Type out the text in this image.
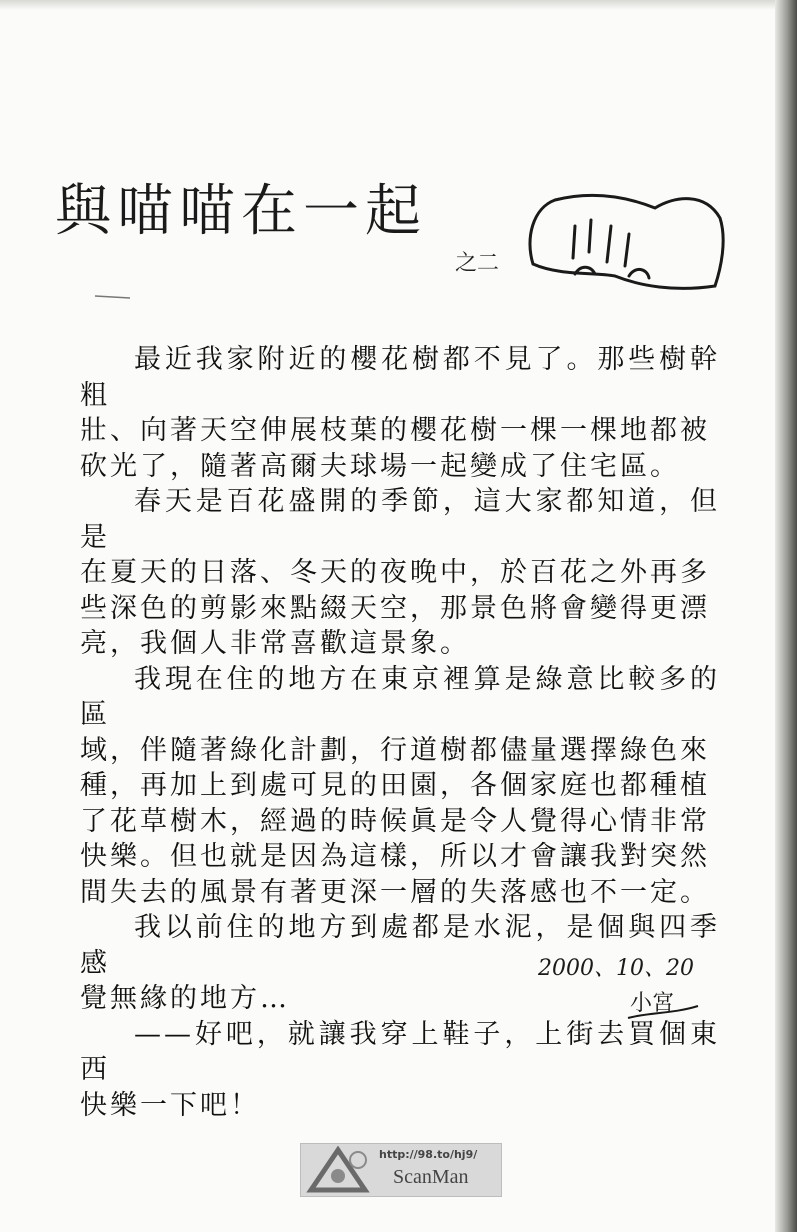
與喵喵在一起
之二

最近我家附近的櫻花樹都不見了。那些樹幹粗
壯、向著天空伸展枝葉的櫻花樹一棵一棵地都被
砍光了，隨著高爾夫球場一起變成了住宅區。

春天是百花盛開的季節，這大家都知道，但是
在夏天的日落、冬天的夜晚中，於百花之外再多
些深色的剪影來點綴天空，那景色將會變得更漂
亮，我個人非常喜歡這景象。

我現在住的地方在東京裡算是綠意比較多的區
域，伴隨著綠化計劃，行道樹都儘量選擇綠色來
種，再加上到處可見的田園，各個家庭也都種植
了花草樹木，經過的時候眞是令人覺得心情非常
快樂。但也就是因為這樣，所以才會讓我對突然
間失去的風景有著更深一層的失落感也不一定。

我以前住的地方到處都是水泥，是個與四季感
覺無緣的地方…

——好吧，就讓我穿上鞋子，上街去買個東西
快樂一下吧！

2000、10、20
小宮
http://98.to/hj9/
ScanMan
